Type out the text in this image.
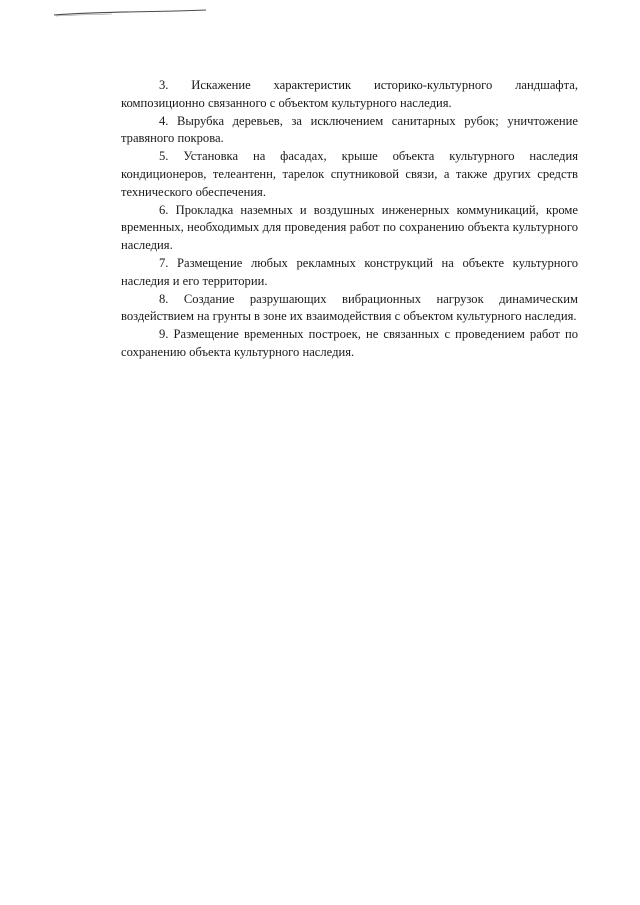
3. Искажение характеристик историко-культурного ландшафта, композиционно связанного с объектом культурного наследия.

4. Вырубка деревьев, за исключением санитарных рубок; уничтожение травяного покрова.

5. Установка на фасадах, крыше объекта культурного наследия кондиционеров, телеантенн, тарелок спутниковой связи, а также других средств технического обеспечения.

6. Прокладка наземных и воздушных инженерных коммуникаций, кроме временных, необходимых для проведения работ по сохранению объекта культурного наследия.

7. Размещение любых рекламных конструкций на объекте культурного наследия и его территории.

8. Создание разрушающих вибрационных нагрузок динамическим воздействием на грунты в зоне их взаимодействия с объектом культурного наследия.

9. Размещение временных построек, не связанных с проведением работ по сохранению объекта культурного наследия.
